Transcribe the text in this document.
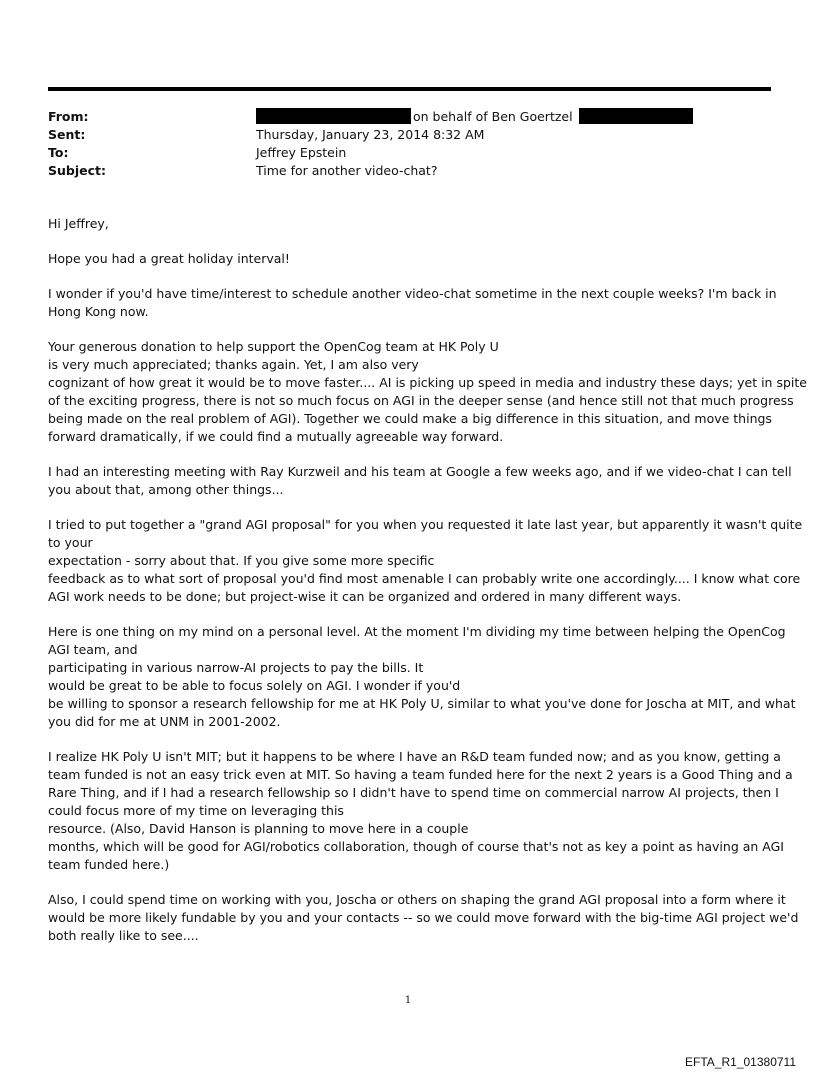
From:	on behalf of Ben Goertzel
Sent:	Thursday, January 23, 2014 8:32 AM
To:	Jeffrey Epstein
Subject:	Time for another video-chat?

Hi Jeffrey,

Hope you had a great holiday interval!

I wonder if you'd have time/interest to schedule another video-chat sometime in the next couple weeks? I'm back in
Hong Kong now.

Your generous donation to help support the OpenCog team at HK Poly U
is very much appreciated; thanks again. Yet, I am also very
cognizant of how great it would be to move faster.... AI is picking up speed in media and industry these days; yet in spite
of the exciting progress, there is not so much focus on AGI in the deeper sense (and hence still not that much progress
being made on the real problem of AGI). Together we could make a big difference in this situation, and move things
forward dramatically, if we could find a mutually agreeable way forward.

I had an interesting meeting with Ray Kurzweil and his team at Google a few weeks ago, and if we video-chat I can tell
you about that, among other things...

I tried to put together a "grand AGI proposal" for you when you requested it late last year, but apparently it wasn't quite
to your
expectation - sorry about that. If you give some more specific
feedback as to what sort of proposal you'd find most amenable I can probably write one accordingly.... I know what core
AGI work needs to be done; but project-wise it can be organized and ordered in many different ways.

Here is one thing on my mind on a personal level. At the moment I'm dividing my time between helping the OpenCog
AGI team, and
participating in various narrow-AI projects to pay the bills. It
would be great to be able to focus solely on AGI. I wonder if you'd
be willing to sponsor a research fellowship for me at HK Poly U, similar to what you've done for Joscha at MIT, and what
you did for me at UNM in 2001-2002.

I realize HK Poly U isn't MIT; but it happens to be where I have an R&D team funded now; and as you know, getting a
team funded is not an easy trick even at MIT. So having a team funded here for the next 2 years is a Good Thing and a
Rare Thing, and if I had a research fellowship so I didn't have to spend time on commercial narrow AI projects, then I
could focus more of my time on leveraging this
resource. (Also, David Hanson is planning to move here in a couple
months, which will be good for AGI/robotics collaboration, though of course that's not as key a point as having an AGI
team funded here.)

Also, I could spend time on working with you, Joscha or others on shaping the grand AGI proposal into a form where it
would be more likely fundable by you and your contacts -- so we could move forward with the big-time AGI project we'd
both really like to see....

1
EFTA_R1_01380711
